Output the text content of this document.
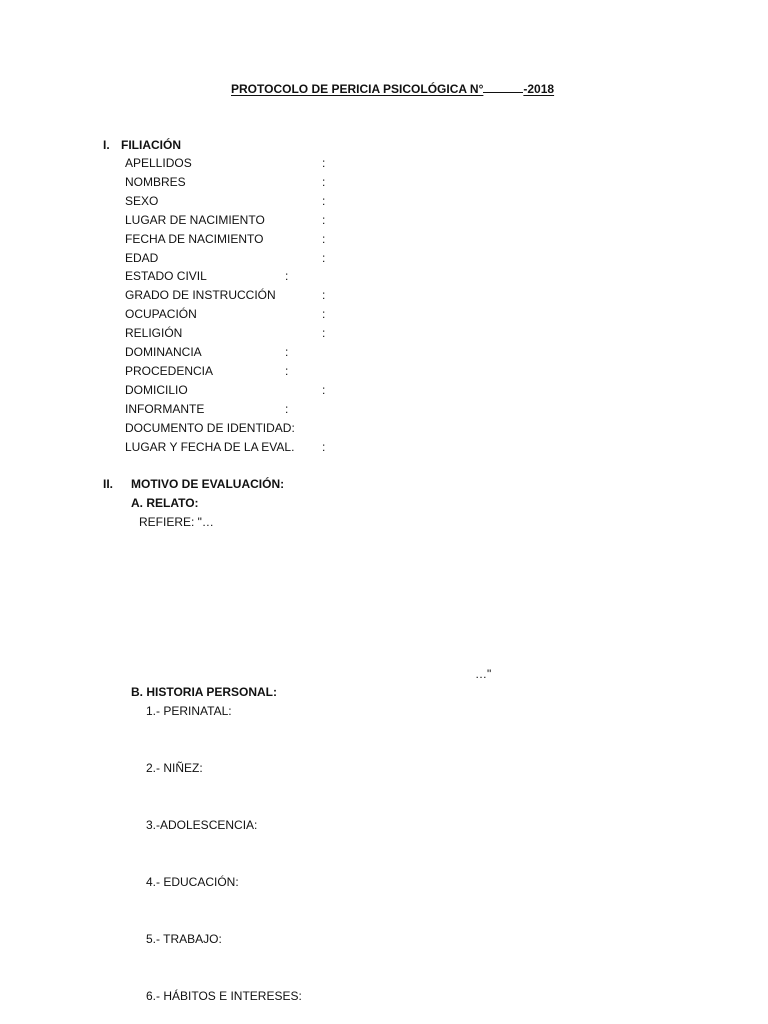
PROTOCOLO DE PERICIA PSICOLÓGICA N°	-2018
I. FILIACIÓN
APELLIDOS	:
NOMBRES	:
SEXO	:
LUGAR DE NACIMIENTO	:
FECHA DE NACIMIENTO	:
EDAD	:
ESTADO CIVIL	:
GRADO DE INSTRUCCIÓN	:
OCUPACIÓN	:
RELIGIÓN	:
DOMINANCIA	:
PROCEDENCIA	:
DOMICILIO	:
INFORMANTE	:
DOCUMENTO DE IDENTIDAD:
LUGAR Y FECHA DE LA EVAL. :
II. MOTIVO DE EVALUACIÓN:
A. RELATO:
REFIERE: "…
…"
B. HISTORIA PERSONAL:
1.- PERINATAL:
2.- NIÑEZ:
3.-ADOLESCENCIA:
4.- EDUCACIÓN:
5.- TRABAJO:
6.- HÁBITOS E INTERESES:
